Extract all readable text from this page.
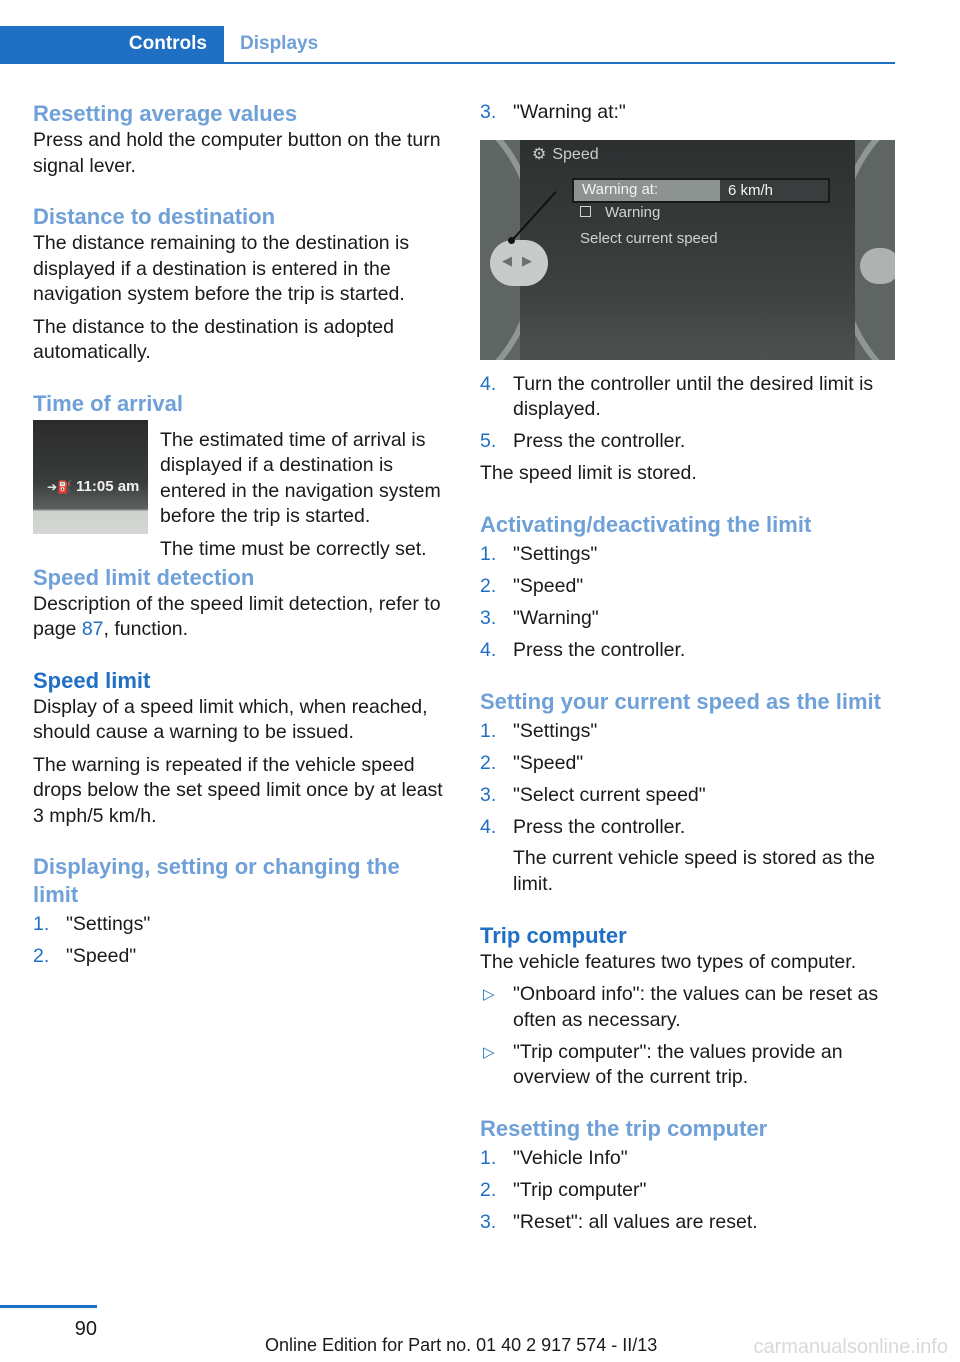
Controls	Displays
Resetting average values

Press and hold the computer button on the turn signal lever.

Distance to destination

The distance remaining to the destination is displayed if a destination is entered in the navigation system before the trip is started.

The distance to the destination is adopted automatically.

Time of arrival
➔⛽ 11:05 am

The estimated time of arrival is displayed if a destination is entered in the navigation system before the trip is started.

The time must be correctly set.

Speed limit detection

Description of the speed limit detection, refer to page 87, function.

Speed limit

Display of a speed limit which, when reached, should cause a warning to be issued.

The warning is repeated if the vehicle speed drops below the set speed limit once by at least 3 mph/5 km/h.

Displaying, setting or changing the limit
1. "Settings"
2. "Speed"
3. "Warning at:"
◀ ▶
⚙ Speed
Warning at:	6 km/h
Warning
Select current speed
4. Turn the controller until the desired limit is displayed.
5. Press the controller.

The speed limit is stored.

Activating/deactivating the limit
1. "Settings"
2. "Speed"
3. "Warning"
4. Press the controller.
Setting your current speed as the limit
1. "Settings"
2. "Speed"
3. "Select current speed"
4. Press the controller.
The current vehicle speed is stored as the limit.
Trip computer

The vehicle features two types of computer.

▷ "Onboard info": the values can be reset as often as necessary.
▷ "Trip computer": the values provide an overview of the current trip.
Resetting the trip computer
1. "Vehicle Info"
2. "Trip computer"
3. "Reset": all values are reset.
90
Online Edition for Part no. 01 40 2 917 574 - II/13	carmanualsonline.info
